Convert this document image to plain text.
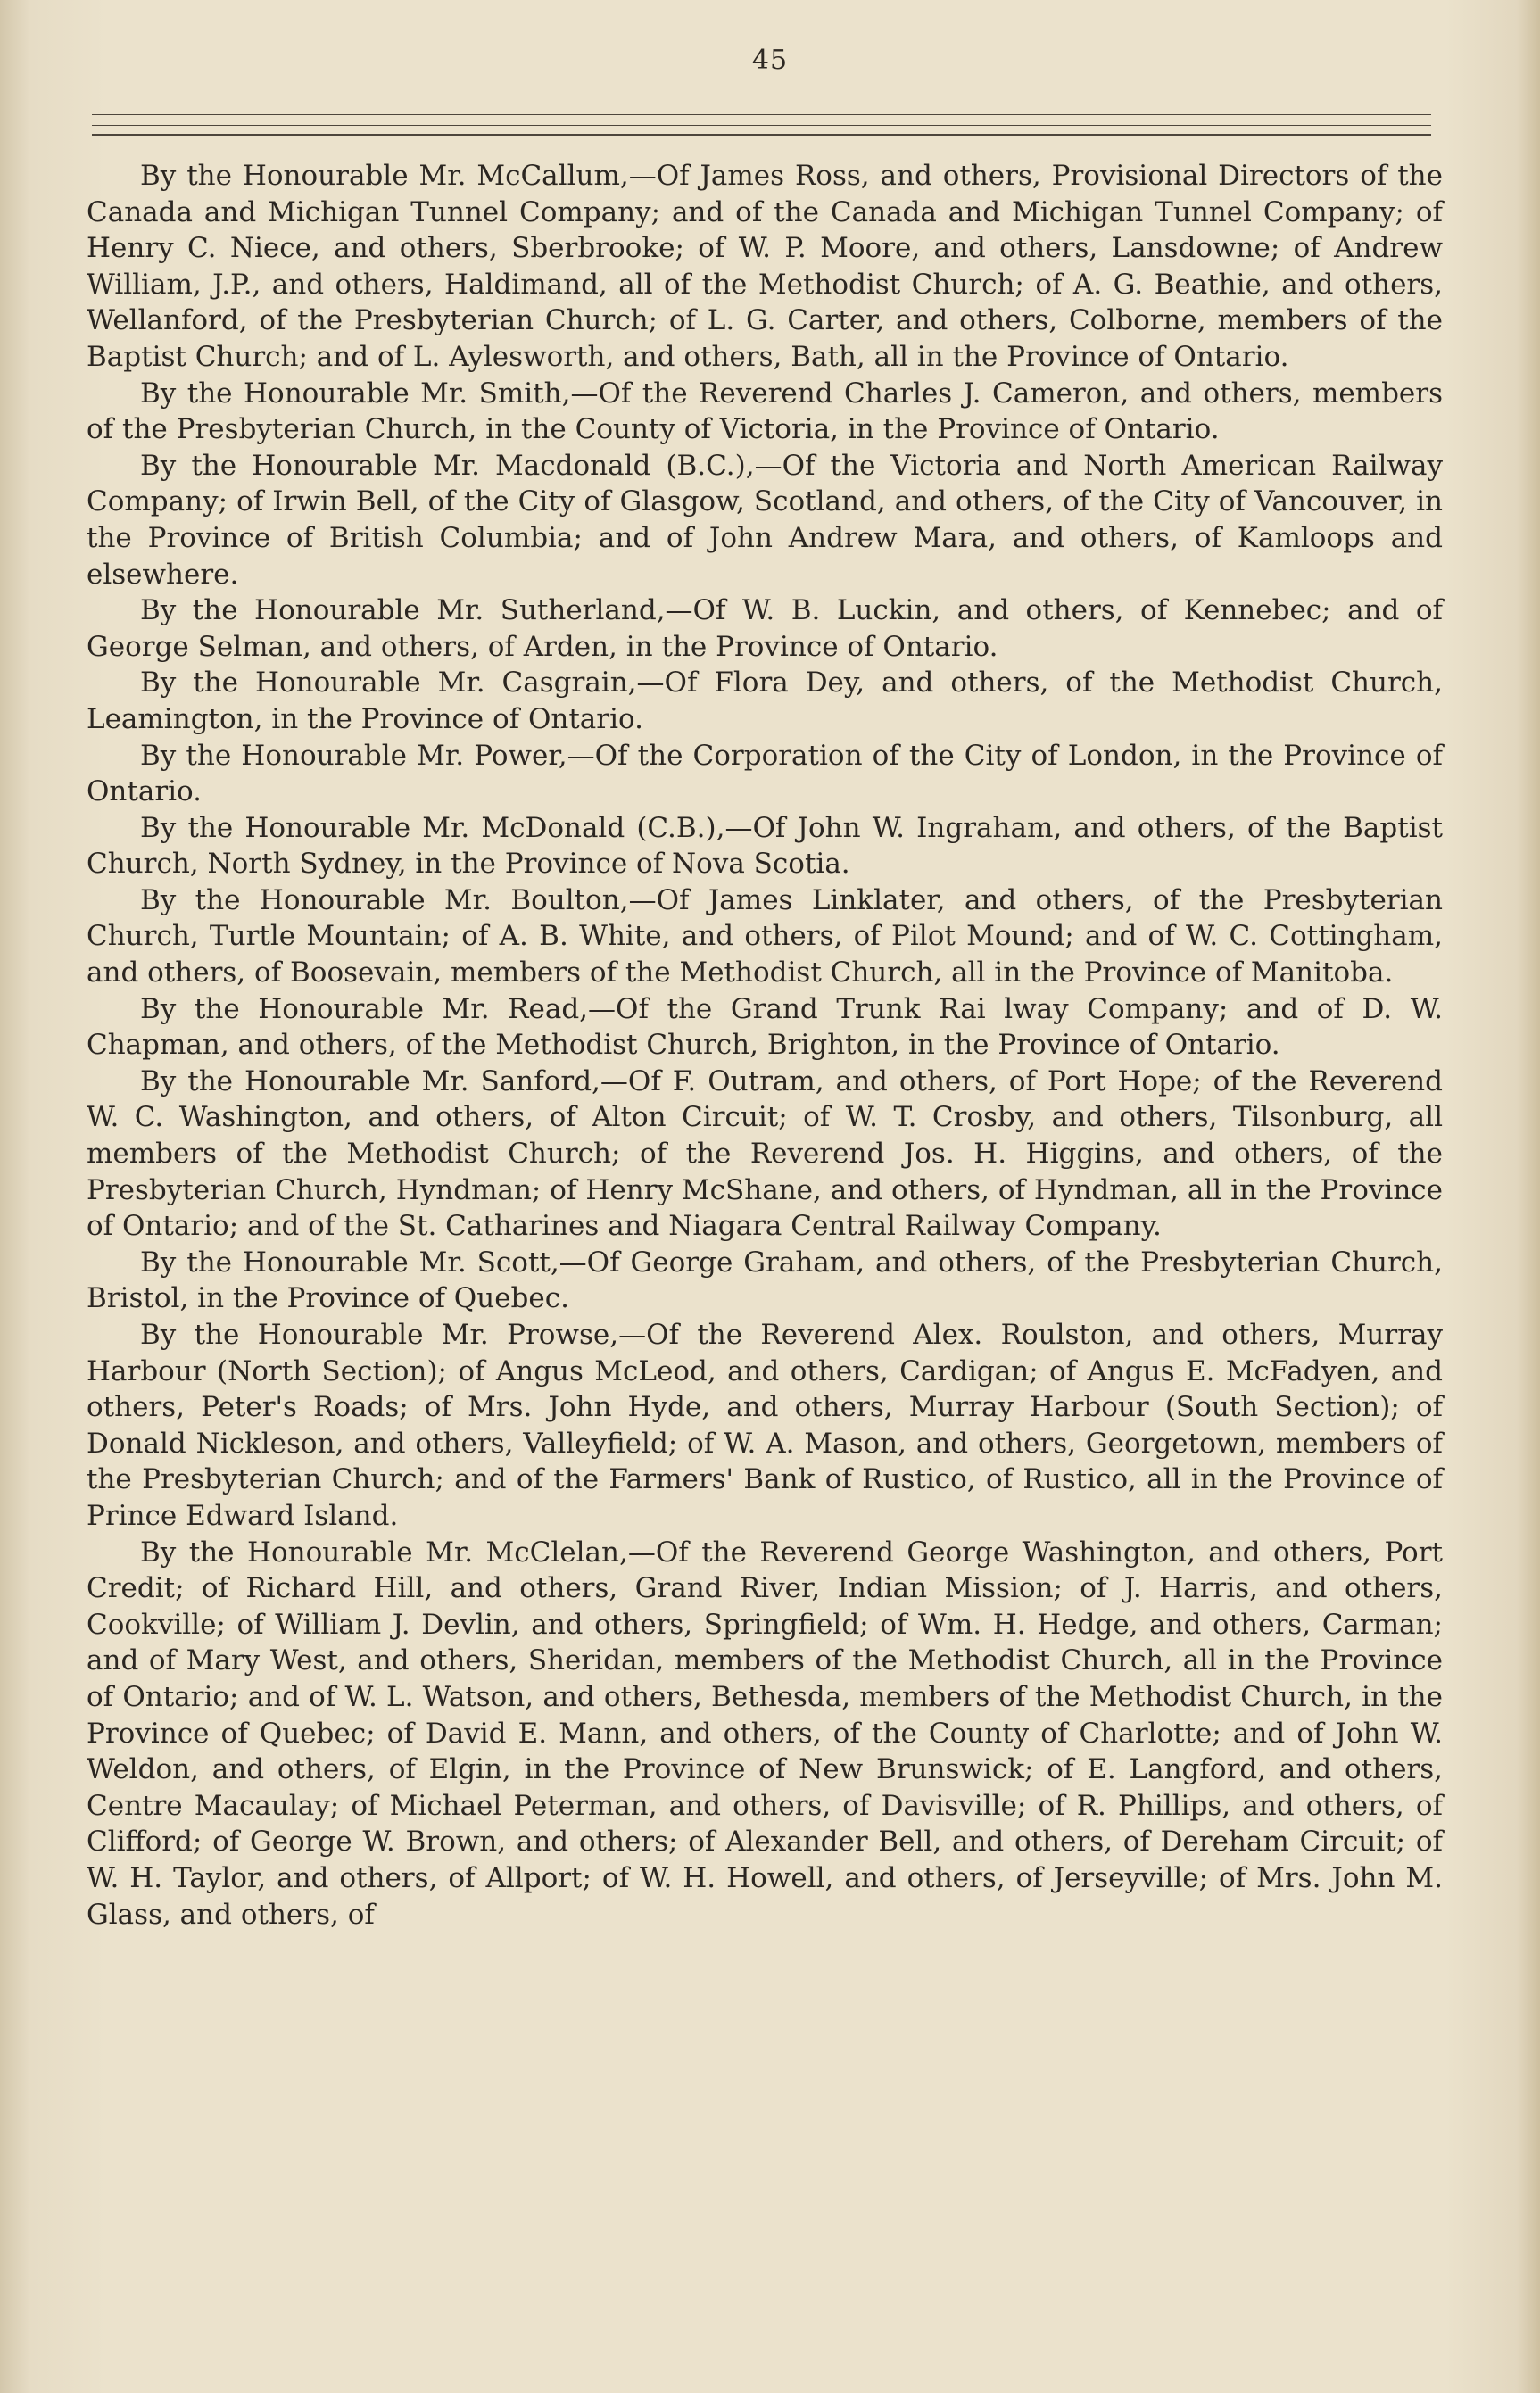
45

By the Honourable Mr. McCallum,—Of James Ross, and others, Provisional Directors of the Canada and Michigan Tunnel Company; and of the Canada and Michigan Tunnel Company; of Henry C. Niece, and others, Sberbrooke; of W. P. Moore, and others, Lansdowne; of Andrew William, J.P., and others, Haldimand, all of the Methodist Church; of A. G. Beathie, and others, Wellanford, of the Presbyterian Church; of L. G. Carter, and others, Colborne, members of the Baptist Church; and of L. Aylesworth, and others, Bath, all in the Province of Ontario.

By the Honourable Mr. Smith,—Of the Reverend Charles J. Cameron, and others, members of the Presbyterian Church, in the County of Victoria, in the Province of Ontario.

By the Honourable Mr. Macdonald (B.C.),—Of the Victoria and North American Railway Company; of Irwin Bell, of the City of Glasgow, Scotland, and others, of the City of Vancouver, in the Province of British Columbia; and of John Andrew Mara, and others, of Kamloops and elsewhere.

By the Honourable Mr. Sutherland,—Of W. B. Luckin, and others, of Kennebec; and of George Selman, and others, of Arden, in the Province of Ontario.

By the Honourable Mr. Casgrain,—Of Flora Dey, and others, of the Methodist Church, Leamington, in the Province of Ontario.

By the Honourable Mr. Power,—Of the Corporation of the City of London, in the Province of Ontario.

By the Honourable Mr. McDonald (C.B.),—Of John W. Ingraham, and others, of the Baptist Church, North Sydney, in the Province of Nova Scotia.

By the Honourable Mr. Boulton,—Of James Linklater, and others, of the Presbyterian Church, Turtle Mountain; of A. B. White, and others, of Pilot Mound; and of W. C. Cottingham, and others, of Boosevain, members of the Methodist Church, all in the Province of Manitoba.

By the Honourable Mr. Read,—Of the Grand Trunk Rai lway Company; and of D. W. Chapman, and others, of the Methodist Church, Brighton, in the Province of Ontario.

By the Honourable Mr. Sanford,—Of F. Outram, and others, of Port Hope; of the Reverend W. C. Washington, and others, of Alton Circuit; of W. T. Crosby, and others, Tilsonburg, all members of the Methodist Church; of the Reverend Jos. H. Higgins, and others, of the Presbyterian Church, Hyndman; of Henry McShane, and others, of Hyndman, all in the Province of Ontario; and of the St. Catharines and Niagara Central Railway Company.

By the Honourable Mr. Scott,—Of George Graham, and others, of the Presbyterian Church, Bristol, in the Province of Quebec.

By the Honourable Mr. Prowse,—Of the Reverend Alex. Roulston, and others, Murray Harbour (North Section); of Angus McLeod, and others, Cardigan; of Angus E. McFadyen, and others, Peter's Roads; of Mrs. John Hyde, and others, Murray Harbour (South Section); of Donald Nickleson, and others, Valleyfield; of W. A. Mason, and others, Georgetown, members of the Presbyterian Church; and of the Farmers' Bank of Rustico, of Rustico, all in the Province of Prince Edward Island.

By the Honourable Mr. McClelan,—Of the Reverend George Washington, and others, Port Credit; of Richard Hill, and others, Grand River, Indian Mission; of J. Harris, and others, Cookville; of William J. Devlin, and others, Springfield; of Wm. H. Hedge, and others, Carman; and of Mary West, and others, Sheridan, members of the Methodist Church, all in the Province of Ontario; and of W. L. Watson, and others, Bethesda, members of the Methodist Church, in the Province of Quebec; of David E. Mann, and others, of the County of Charlotte; and of John W. Weldon, and others, of Elgin, in the Province of New Brunswick; of E. Langford, and others, Centre Macaulay; of Michael Peterman, and others, of Davisville; of R. Phillips, and others, of Clifford; of George W. Brown, and others; of Alexander Bell, and others, of Dereham Circuit; of W. H. Taylor, and others, of Allport; of W. H. Howell, and others, of Jerseyville; of Mrs. John M. Glass, and others, of
